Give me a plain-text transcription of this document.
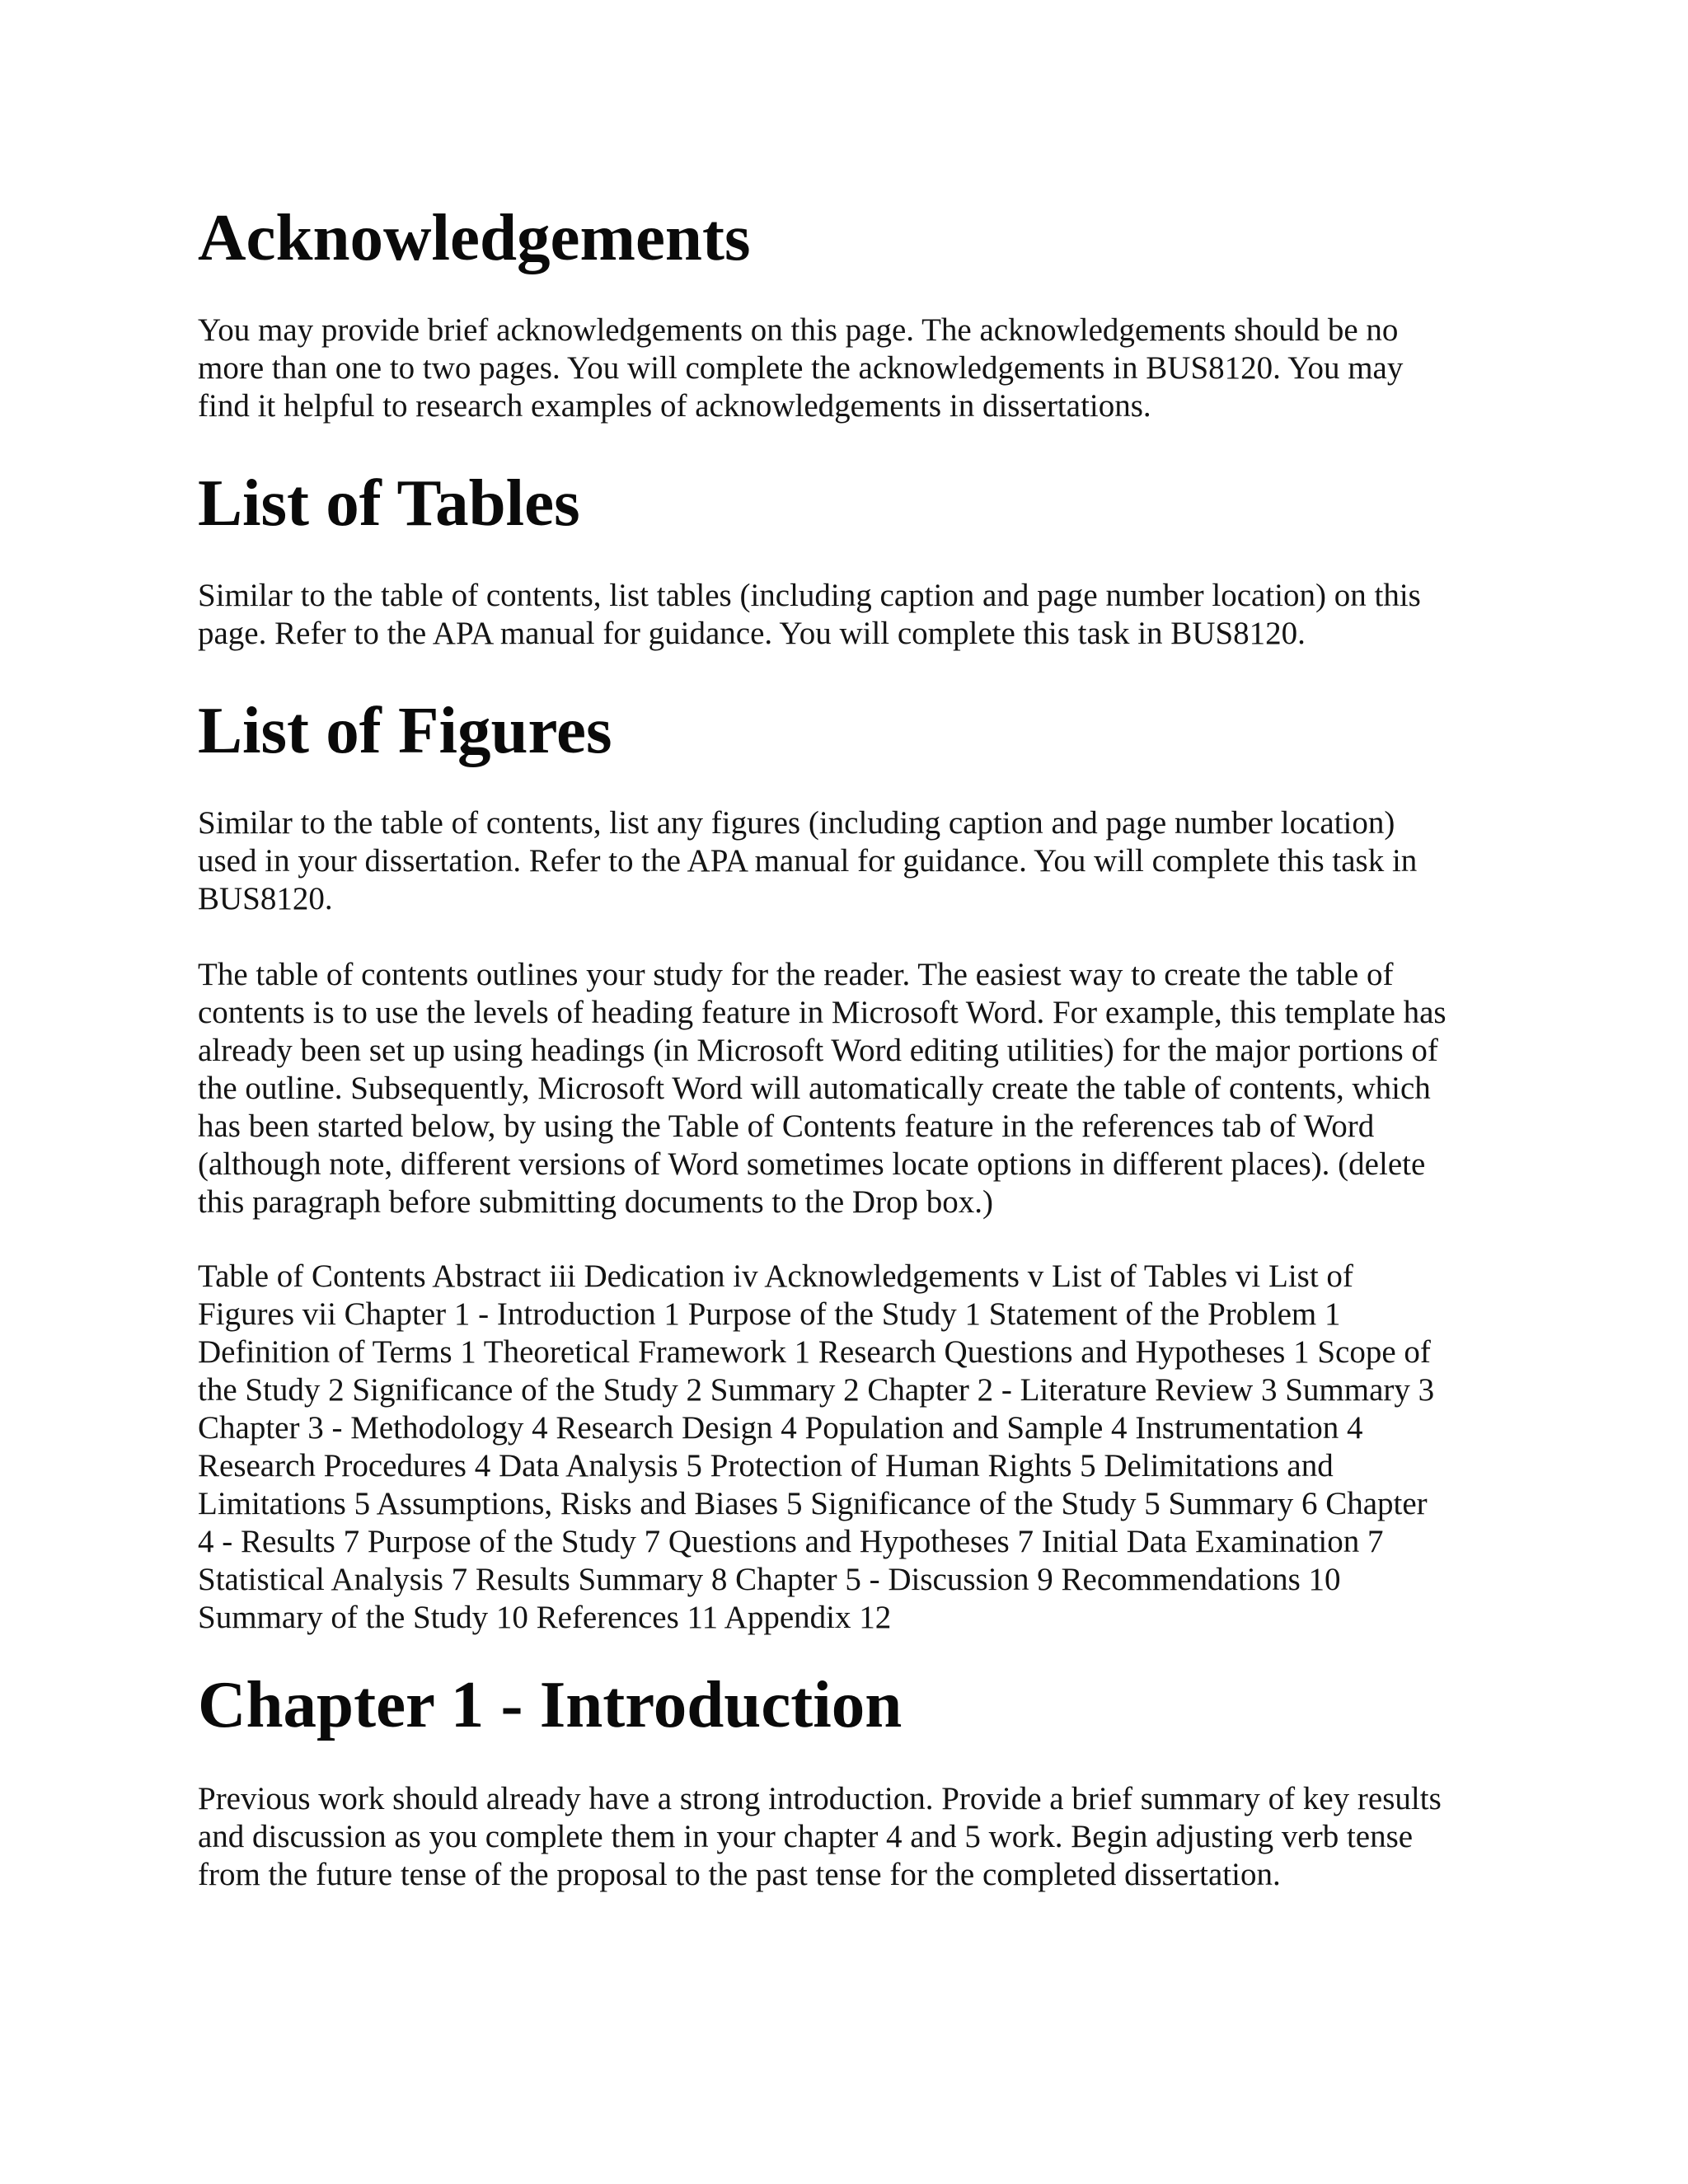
Acknowledgements
You may provide brief acknowledgements on this page. The acknowledgements should be no
more than one to two pages. You will complete the acknowledgements in BUS8120. You may
find it helpful to research examples of acknowledgements in dissertations.
List of Tables
Similar to the table of contents, list tables (including caption and page number location) on this
page. Refer to the APA manual for guidance. You will complete this task in BUS8120.
List of Figures
Similar to the table of contents, list any figures (including caption and page number location)
used in your dissertation. Refer to the APA manual for guidance. You will complete this task in
BUS8120.
The table of contents outlines your study for the reader. The easiest way to create the table of
contents is to use the levels of heading feature in Microsoft Word. For example, this template has
already been set up using headings (in Microsoft Word editing utilities) for the major portions of
the outline. Subsequently, Microsoft Word will automatically create the table of contents, which
has been started below, by using the Table of Contents feature in the references tab of Word
(although note, different versions of Word sometimes locate options in different places). (delete
this paragraph before submitting documents to the Drop box.)
Table of Contents Abstract iii Dedication iv Acknowledgements v List of Tables vi List of
Figures vii Chapter 1 - Introduction 1 Purpose of the Study 1 Statement of the Problem 1
Definition of Terms 1 Theoretical Framework 1 Research Questions and Hypotheses 1 Scope of
the Study 2 Significance of the Study 2 Summary 2 Chapter 2 - Literature Review 3 Summary 3
Chapter 3 - Methodology 4 Research Design 4 Population and Sample 4 Instrumentation 4
Research Procedures 4 Data Analysis 5 Protection of Human Rights 5 Delimitations and
Limitations 5 Assumptions, Risks and Biases 5 Significance of the Study 5 Summary 6 Chapter
4 - Results 7 Purpose of the Study 7 Questions and Hypotheses 7 Initial Data Examination 7
Statistical Analysis 7 Results Summary 8 Chapter 5 - Discussion 9 Recommendations 10
Summary of the Study 10 References 11 Appendix 12
Chapter 1 - Introduction
Previous work should already have a strong introduction. Provide a brief summary of key results
and discussion as you complete them in your chapter 4 and 5 work. Begin adjusting verb tense
from the future tense of the proposal to the past tense for the completed dissertation.
